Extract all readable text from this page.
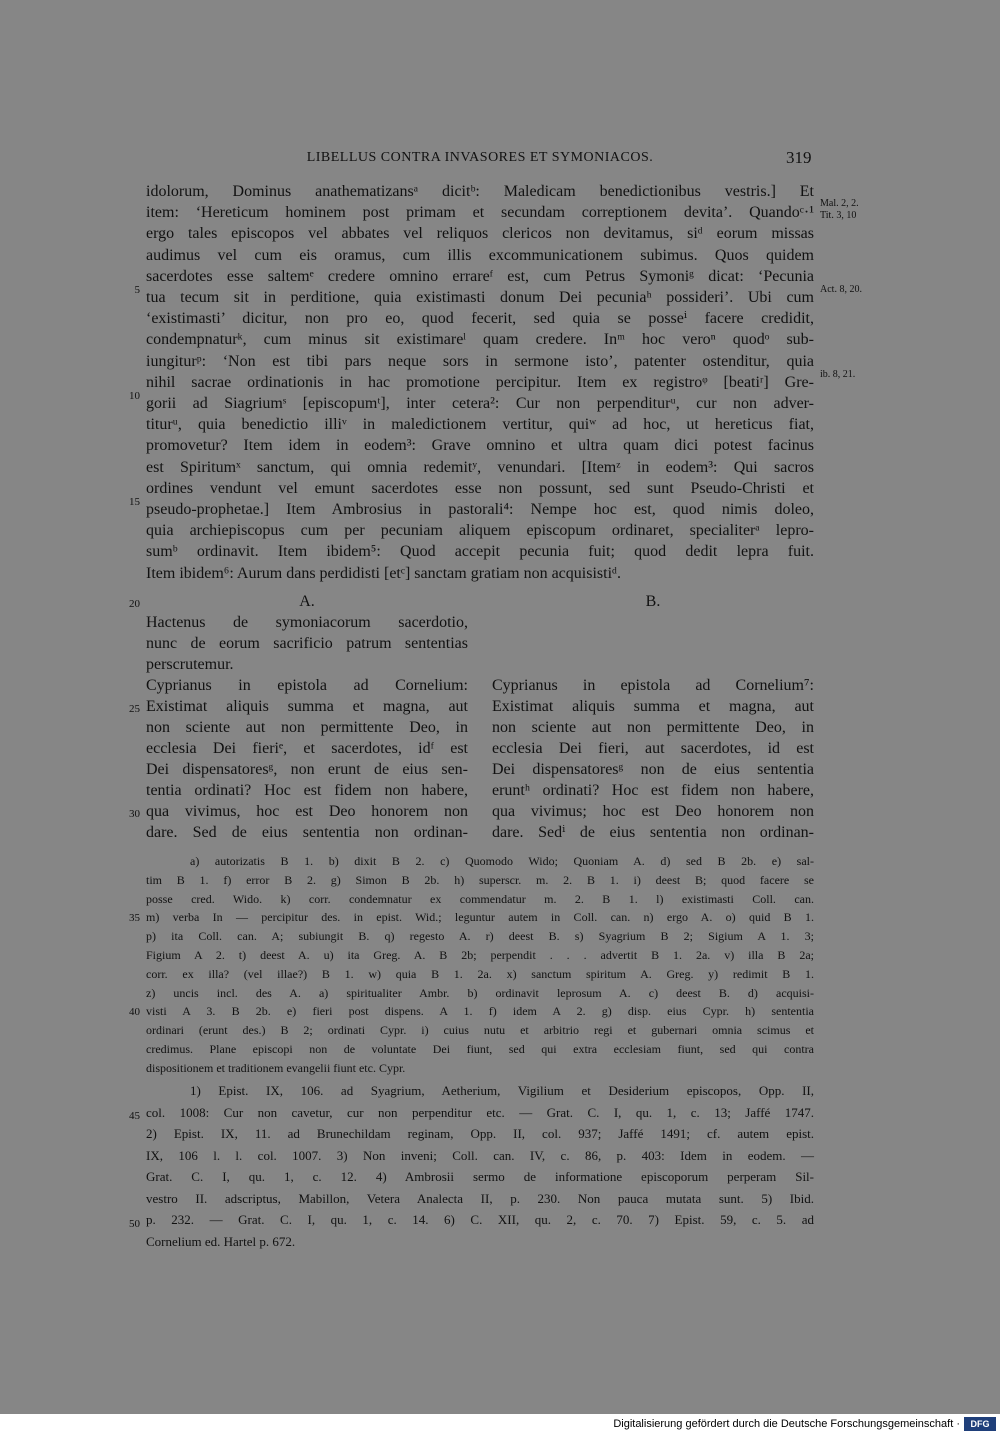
LIBELLUS CONTRA INVASORES ET SYMONIACOS.	319
idolorum, Dominus anathematizansᵃ dicitᵇ: Maledicam benedictionibus vestris.] Et
item: ‘Hereticum hominem post primam et secundam correptionem devita’. Quandoᶜ·¹
ergo tales episcopos vel abbates vel reliquos clericos non devitamus, siᵈ eorum missas
audimus vel cum eis oramus, cum illis excommunicationem subimus. Quos quidem
sacerdotes esse saltemᵉ credere omnino errareᶠ est, cum Petrus Symoniᵍ dicat: ‘Pecunia
tua tecum sit in perditione, quia existimasti donum Dei pecuniaʰ possideri’. Ubi cum
‘existimasti’ dicitur, non pro eo, quod fecerit, sed quia se posseⁱ facere credidit,
condempnaturᵏ, cum minus sit existimareˡ quam credere. Inᵐ hoc veroⁿ quodᵒ sub-
iungiturᵖ: ‘Non est tibi pars neque sors in sermone isto’, patenter ostenditur, quia
nihil sacrae ordinationis in hac promotione percipitur. Item ex registroᵠ [beatiʳ] Gre-
gorii ad Siagriumˢ [episcopumᵗ], inter cetera²: Cur non perpenditurᵘ, cur non adver-
titurᵘ, quia benedictio illiᵛ in maledictionem vertitur, quiʷ ad hoc, ut hereticus fiat,
promovetur? Item idem in eodem³: Grave omnino et ultra quam dici potest facinus
est Spiritumˣ sanctum, qui omnia redemitʸ, venundari. [Itemᶻ in eodem³: Qui sacros
ordines vendunt vel emunt sacerdotes esse non possunt, sed sunt Pseudo-Christi et
pseudo-prophetae.] Item Ambrosius in pastorali⁴: Nempe hoc est, quod nimis doleo,
quia archiepiscopus cum per pecuniam aliquem episcopum ordinaret, specialiterᵃ lepro-
sumᵇ ordinavit. Item ibidem⁵: Quod accepit pecunia fuit; quod dedit lepra fuit.
Item ibidem⁶: Aurum dans perdidisti [etᶜ] sanctam gratiam non acquisistiᵈ.
5
10
15
20
25
30
35
40
45
50
Mal. 2, 2.
Tit. 3, 10
Act. 8, 20.
ib. 8, 21.
A.
Hactenus de symoniacorum sacerdotio,
nunc de eorum sacrificio patrum sententias
perscrutemur.
Cyprianus in epistola ad Cornelium:
Existimat aliquis summa et magna, aut
non sciente aut non permittente Deo, in
ecclesia Dei fieriᵉ, et sacerdotes, idᶠ est
Dei dispensatoresᵍ, non erunt de eius sen-
tentia ordinati? Hoc est fidem non habere,
qua vivimus, hoc est Deo honorem non
dare. Sed de eius sententia non ordinan-
B.
Cyprianus in epistola ad Cornelium⁷:
Existimat aliquis summa et magna, aut
non sciente aut non permittente Deo, in
ecclesia Dei fieri, aut sacerdotes, id est
Dei dispensatoresᵍ non de eius sententia
eruntʰ ordinati? Hoc est fidem non habere,
qua vivimus; hoc est Deo honorem non
dare. Sedⁱ de eius sententia non ordinan-
a) autorizatis B 1. b) dixit B 2. c) Quomodo Wido; Quoniam A. d) sed B 2b. e) sal-
tim B 1. f) error B 2. g) Simon B 2b. h) superscr. m. 2. B 1. i) deest B; quod facere se
posse cred. Wido. k) corr. condemnatur ex commendatur m. 2. B 1. l) existimasti Coll. can.
m) verba In — percipitur des. in epist. Wid.; leguntur autem in Coll. can. n) ergo A. o) quid B 1.
p) ita Coll. can. A; subiungit B. q) regesto A. r) deest B. s) Syagrium B 2; Sigium A 1. 3;
Figium A 2. t) deest A. u) ita Greg. A. B 2b; perpendit . . . advertit B 1. 2a. v) illa B 2a;
corr. ex illa? (vel illae?) B 1. w) quia B 1. 2a. x) sanctum spiritum A. Greg. y) redimit B 1.
z) uncis incl. des A. a) spiritualiter Ambr. b) ordinavit leprosum A. c) deest B. d) acquisi-
visti A 3. B 2b. e) fieri post dispens. A 1. f) idem A 2. g) disp. eius Cypr. h) sententia
ordinari (erunt des.) B 2; ordinati Cypr. i) cuius nutu et arbitrio regi et gubernari omnia scimus et
credimus. Plane episcopi non de voluntate Dei fiunt, sed qui extra ecclesiam fiunt, sed qui contra
dispositionem et traditionem evangelii fiunt etc. Cypr.
1) Epist. IX, 106. ad Syagrium, Aetherium, Vigilium et Desiderium episcopos, Opp. II,
col. 1008: Cur non cavetur, cur non perpenditur etc. — Grat. C. I, qu. 1, c. 13; Jaffé 1747.
2) Epist. IX, 11. ad Brunechildam reginam, Opp. II, col. 937; Jaffé 1491; cf. autem epist.
IX, 106 l. l. col. 1007. 3) Non inveni; Coll. can. IV, c. 86, p. 403: Idem in eodem. —
Grat. C. I, qu. 1, c. 12. 4) Ambrosii sermo de informatione episcoporum perperam Sil-
vestro II. adscriptus, Mabillon, Vetera Analecta II, p. 230. Non pauca mutata sunt. 5) Ibid.
p. 232. — Grat. C. I, qu. 1, c. 14. 6) C. XII, qu. 2, c. 70. 7) Epist. 59, c. 5. ad
Cornelium ed. Hartel p. 672.
Digitalisierung gefördert durch die Deutsche Forschungsgemeinschaft ·	DFG
